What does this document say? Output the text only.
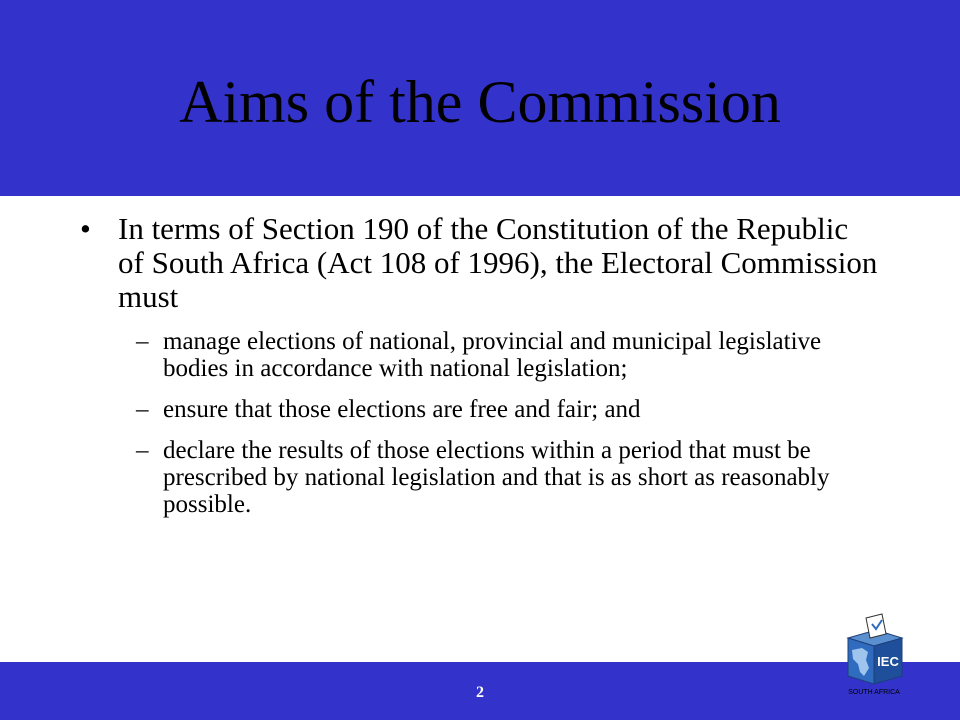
Aims of the Commission
• In terms of Section 190 of the Constitution of the Republic of South Africa (Act 108 of 1996), the Electoral Commission must
– manage elections of national, provincial and municipal legislative bodies in accordance with national legislation;
– ensure that those elections are free and fair; and
– declare the results of those elections within a period that must be prescribed by national legislation and that is as short as reasonably possible.
2
IEC
SOUTH AFRICA
